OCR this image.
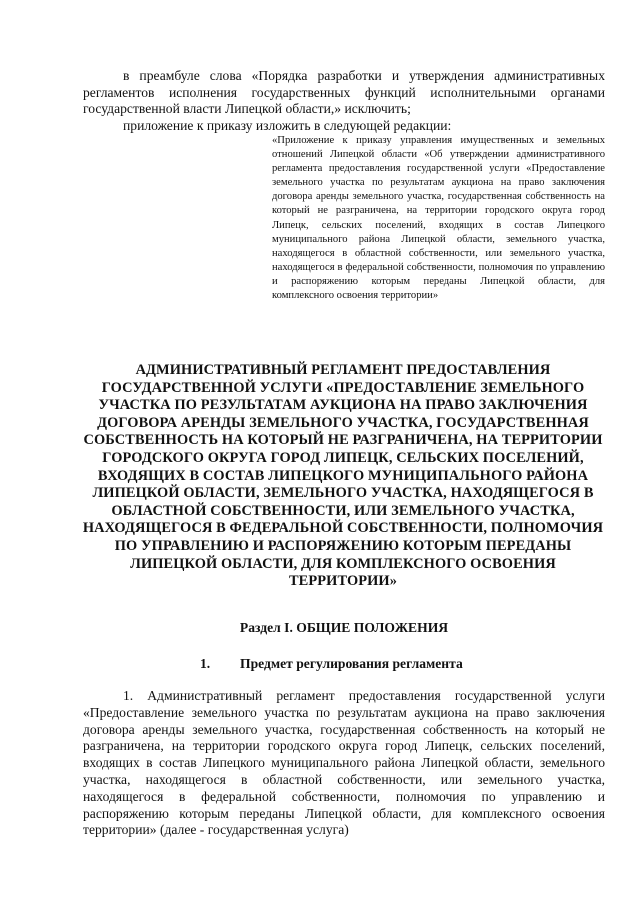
в преамбуле слова «Порядка разработки и утверждения административных регламентов исполнения государственных функций исполнительными органами государственной власти Липецкой области,» исключить;

приложение к приказу изложить в следующей редакции:

«Приложение к приказу управления имущественных и земельных отношений Липецкой области «Об утверждении административного регламента предоставления государственной услуги «Предоставление земельного участка по результатам аукциона на право заключения договора аренды земельного участка, государственная собственность на который не разграничена, на территории городского округа город Липецк, сельских поселений, входящих в состав Липецкого муниципального района Липецкой области, земельного участка, находящегося в областной собственности, или земельного участка, находящегося в федеральной собственности, полномочия по управлению и распоряжению которым переданы Липецкой области, для комплексного освоения территории»

АДМИНИСТРАТИВНЫЙ РЕГЛАМЕНТ ПРЕДОСТАВЛЕНИЯ ГОСУДАРСТВЕННОЙ УСЛУГИ «ПРЕДОСТАВЛЕНИЕ ЗЕМЕЛЬНОГО УЧАСТКА ПО РЕЗУЛЬТАТАМ АУКЦИОНА НА ПРАВО ЗАКЛЮЧЕНИЯ ДОГОВОРА АРЕНДЫ ЗЕМЕЛЬНОГО УЧАСТКА, ГОСУДАРСТВЕННАЯ СОБСТВЕННОСТЬ НА КОТОРЫЙ НЕ РАЗГРАНИЧЕНА, НА ТЕРРИТОРИИ ГОРОДСКОГО ОКРУГА ГОРОД ЛИПЕЦК, СЕЛЬСКИХ ПОСЕЛЕНИЙ, ВХОДЯЩИХ В СОСТАВ ЛИПЕЦКОГО МУНИЦИПАЛЬНОГО РАЙОНА ЛИПЕЦКОЙ ОБЛАСТИ, ЗЕМЕЛЬНОГО УЧАСТКА, НАХОДЯЩЕГОСЯ В ОБЛАСТНОЙ СОБСТВЕННОСТИ, ИЛИ ЗЕМЕЛЬНОГО УЧАСТКА, НАХОДЯЩЕГОСЯ В ФЕДЕРАЛЬНОЙ СОБСТВЕННОСТИ, ПОЛНОМОЧИЯ ПО УПРАВЛЕНИЮ И РАСПОРЯЖЕНИЮ КОТОРЫМ ПЕРЕДАНЫ ЛИПЕЦКОЙ ОБЛАСТИ, ДЛЯ КОМПЛЕКСНОГО ОСВОЕНИЯ ТЕРРИТОРИИ»
Раздел I. ОБЩИЕ ПОЛОЖЕНИЯ
1. Предмет регулирования регламента

1. Административный регламент предоставления государственной услуги «Предоставление земельного участка по результатам аукциона на право заключения договора аренды земельного участка, государственная собственность на который не разграничена, на территории городского округа город Липецк, сельских поселений, входящих в состав Липецкого муниципального района Липецкой области, земельного участка, находящегося в областной собственности, или земельного участка, находящегося в федеральной собственности, полномочия по управлению и распоряжению которым переданы Липецкой области, для комплексного освоения территории» (далее - государственная услуга)
